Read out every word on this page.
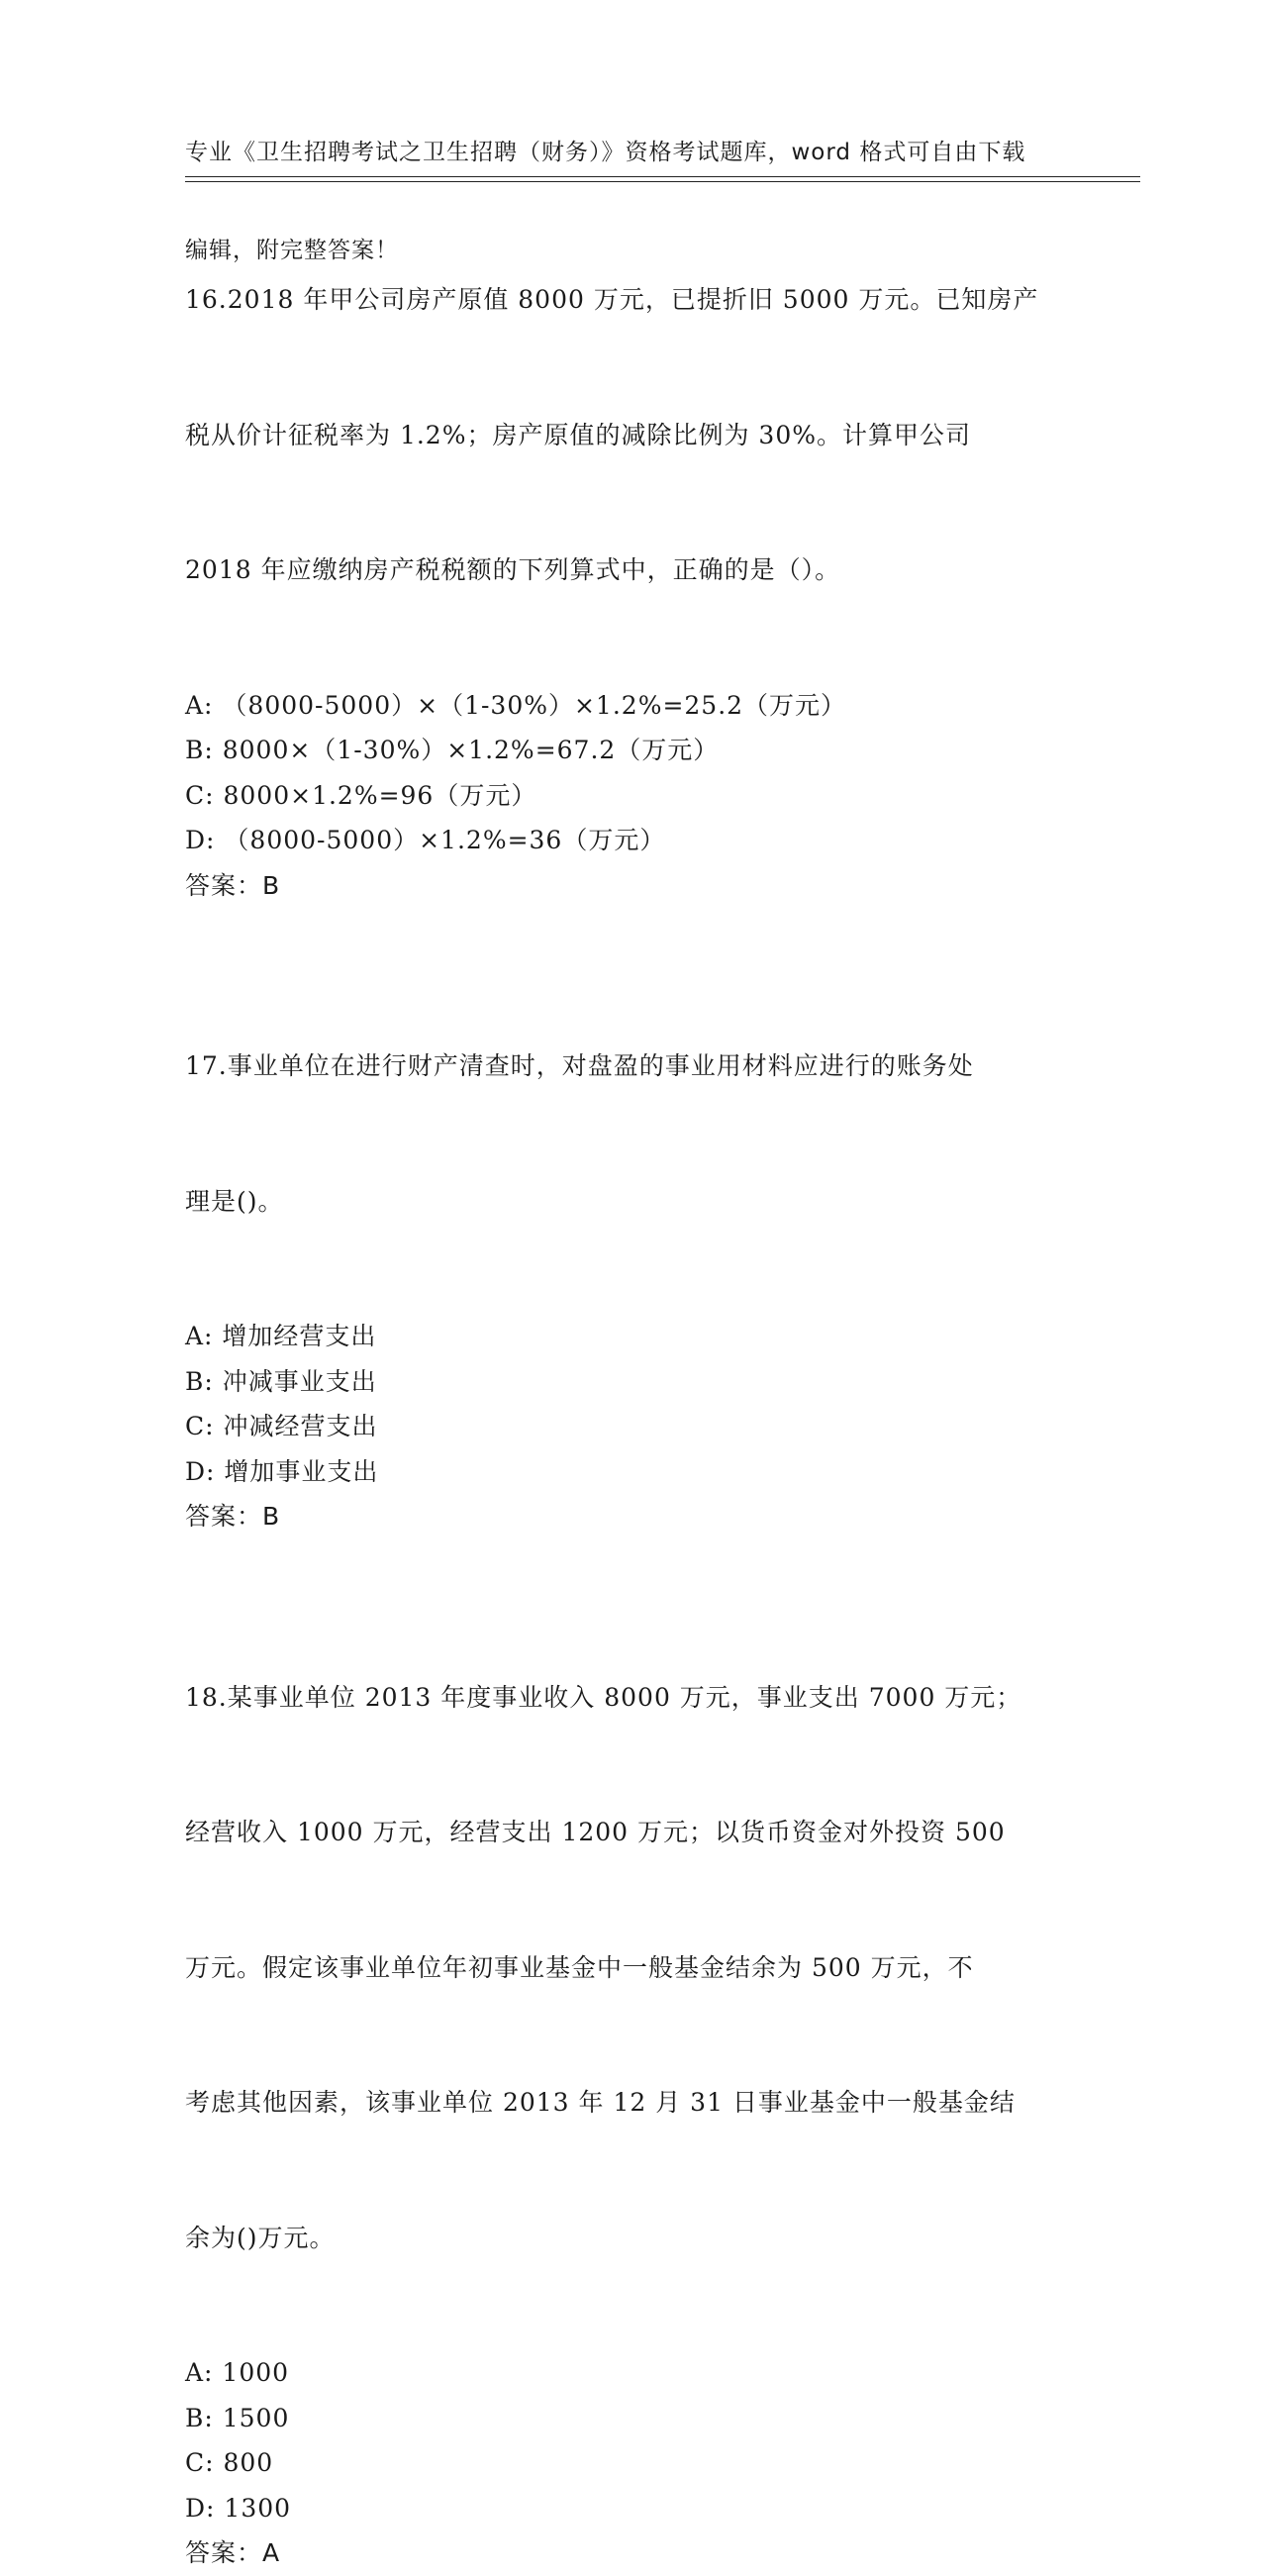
专业《卫生招聘考试之卫生招聘（财务）》资格考试题库，word 格式可自由下载

编辑，附完整答案！

16.2018 年甲公司房产原值 8000 万元，已提折旧 5000 万元。已知房产

税从价计征税率为 1.2%；房产原值的减除比例为 30%。计算甲公司

2018 年应缴纳房产税税额的下列算式中，正确的是（）。

A: （8000-5000）×（1-30%）×1.2%=25.2（万元）
B: 8000×（1-30%）×1.2%=67.2（万元）
C: 8000×1.2%=96（万元）
D: （8000-5000）×1.2%=36（万元）
答案：B

17.事业单位在进行财产清查时，对盘盈的事业用材料应进行的账务处

理是()。

A: 增加经营支出
B: 冲减事业支出
C: 冲减经营支出
D: 增加事业支出
答案：B

18.某事业单位 2013 年度事业收入 8000 万元，事业支出 7000 万元；

经营收入 1000 万元，经营支出 1200 万元；以货币资金对外投资 500

万元。假定该事业单位年初事业基金中一般基金结余为 500 万元，不

考虑其他因素，该事业单位 2013 年 12 月 31 日事业基金中一般基金结

余为()万元。

A: 1000
B: 1500
C: 800
D: 1300
答案：A
